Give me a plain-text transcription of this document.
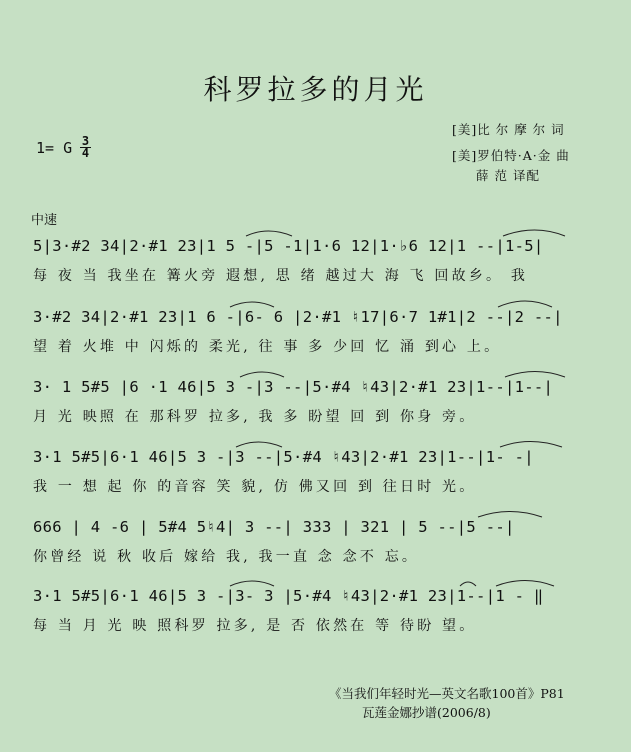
科罗拉多的月光
[美]比 尔 摩 尔 词
[美]罗伯特·A·金 曲
薛 范 译配
1= G 3
4
中速
5|3·#2 34|2·#1 23|1 5 -|5 -1|1·6 12|1·♭6 12|1 --|1-5|
每 夜 当 我坐在 篝火旁 遐想, 思 绪 越过大 海 飞 回故乡。 我
3·#2 34|2·#1 23|1 6 -|6- 6 |2·#1 ♮17|6·7 1#1|2 --|2 --|
望 着 火堆 中 闪烁的 柔光, 往 事 多 少回 忆 涌 到心 上。
3· 1 5#5 |6 ·1 46|5 3 -|3 --|5·#4 ♮43|2·#1 23|1--|1--|
月 光 映照 在 那科罗 拉多, 我 多 盼望 回 到 你身 旁。
3·1 5#5|6·1 46|5 3 -|3 --|5·#4 ♮43|2·#1 23|1--|1- -|
我 一 想 起 你 的音容 笑 貌, 仿 佛又回 到 往日时 光。
666 | 4 -6 | 5#4 5♮4| 3 --| 333 | 321 | 5 --|5 --|
你曾经 说 秋 收后 嫁给 我, 我一直 念 念不 忘。
3·1 5#5|6·1 46|5 3 -|3- 3 |5·#4 ♮43|2·#1 23|1--|1 - ‖
每 当 月 光 映 照科罗 拉多, 是 否 依然在 等 待盼 望。
《当我们年轻时光—英文名歌100首》P81
瓦莲金娜抄谱(2006/8)
